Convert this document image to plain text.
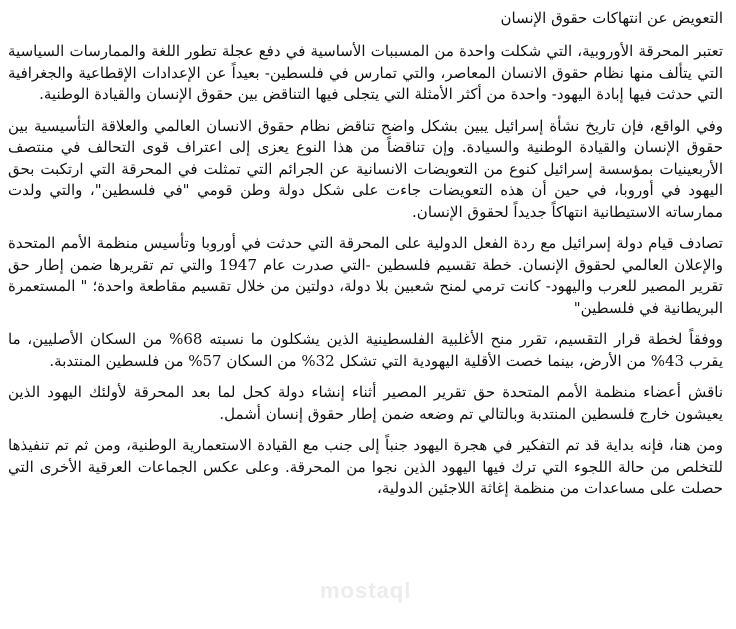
التعويض عن انتهاكات حقوق الإنسان

تعتبر المحرقة الأوروبية، التي شكلت واحدة من المسببات الأساسية في دفع عجلة تطور اللغة والممارسات السياسية التي يتألف منها نظام حقوق الانسان المعاصر، والتي تمارس في فلسطين- بعيداً عن الإعدادات الإقطاعية والجغرافية التي حدثت فيها إبادة اليهود- واحدة من أكثر الأمثلة التي يتجلى فيها التناقض بين حقوق الإنسان والقيادة الوطنية.

وفي الواقع، فإن تاريخ نشأة إسرائيل يبين بشكل واضح تناقض نظام حقوق الانسان العالمي والعلاقة التأسيسية بين حقوق الإنسان والقيادة الوطنية والسيادة. وإن تناقضاً من هذا النوع يعزى إلى اعتراف قوى التحالف في منتصف الأربعينيات بمؤسسة إسرائيل كنوع من التعويضات الانسانية عن الجرائم التي تمثلت في المحرقة التي ارتكبت بحق اليهود في أوروبا، في حين أن هذه التعويضات جاءت على شكل دولة وطن قومي "في فلسطين"، والتي ولدت ممارساته الاستيطانية انتهاكاً جديداً لحقوق الإنسان.

تصادف قيام دولة إسرائيل مع ردة الفعل الدولية على المحرقة التي حدثت في أوروبا وتأسيس منظمة الأمم المتحدة والإعلان العالمي لحقوق الإنسان. خطة تقسيم فلسطين -التي صدرت عام 1947 والتي تم تقريرها ضمن إطار حق تقرير المصير للعرب واليهود- كانت ترمي لمنح شعبين بلا دولة، دولتين من خلال تقسيم مقاطعة واحدة؛ " المستعمرة البريطانية في فلسطين"

ووفقاً لخطة قرار التقسيم، تقرر منح الأغلبية الفلسطينية الذين يشكلون ما نسبته 68% من السكان الأصليين، ما يقرب 43% من الأرض، بينما خصت الأقلية اليهودية التي تشكل 32% من السكان 57% من فلسطين المنتدبة.

ناقش أعضاء منظمة الأمم المتحدة حق تقرير المصير أثناء إنشاء دولة كحل لما بعد المحرقة لأولئك اليهود الذين يعيشون خارج فلسطين المنتدبة وبالتالي تم وضعه ضمن إطار حقوق إنسان أشمل.

ومن هنا، فإنه بداية قد تم التفكير في هجرة اليهود جنباً إلى جنب مع القيادة الاستعمارية الوطنية، ومن ثم تم تنفيذها للتخلص من حالة اللجوء التي ترك فيها اليهود الذين نجوا من المحرقة. وعلى عكس الجماعات العرقية الأخرى التي حصلت على مساعدات من منظمة إغاثة اللاجئين الدولية،

mostaql
